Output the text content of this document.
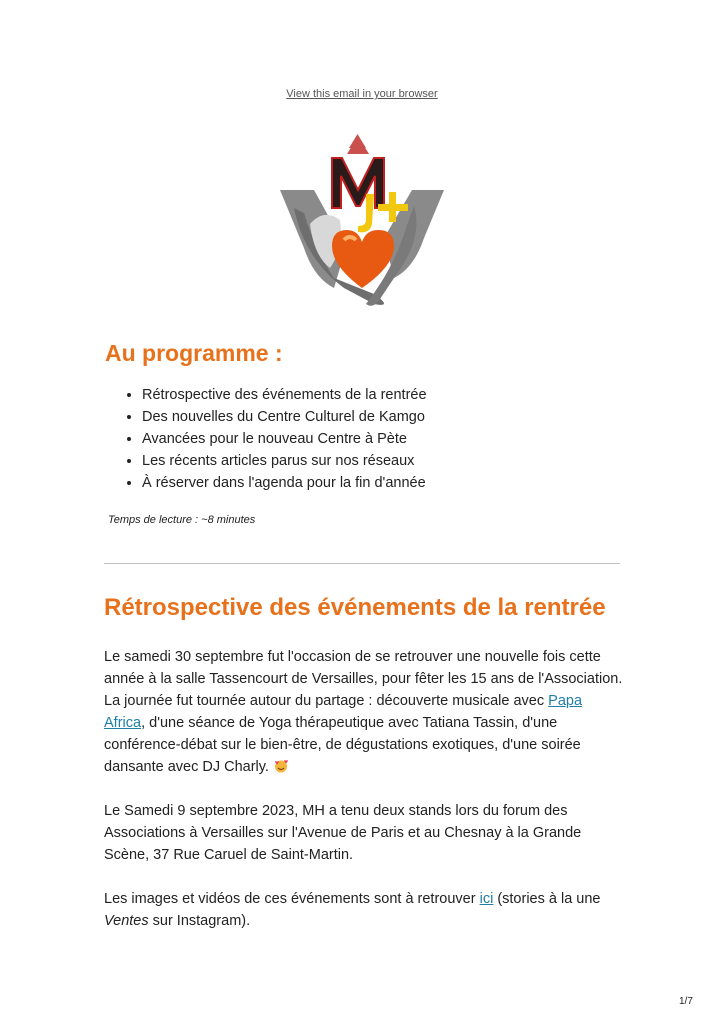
View this email in your browser
Au programme :
• Rétrospective des événements de la rentrée
• Des nouvelles du Centre Culturel de Kamgo
• Avancées pour le nouveau Centre à Pète
• Les récents articles parus sur nos réseaux
• À réserver dans l'agenda pour la fin d'année
Temps de lecture : ~8 minutes
Rétrospective des événements de la rentrée

Le samedi 30 septembre fut l'occasion de se retrouver une nouvelle fois cette année à la salle Tassencourt de Versailles, pour fêter les 15 ans de l'Association.
La journée fut tournée autour du partage : découverte musicale avec Papa Africa, d'une séance de Yoga thérapeutique avec Tatiana Tassin, d'une conférence-débat sur le bien-être, de dégustations exotiques, d'une soirée dansante avec DJ Charly.

Le Samedi 9 septembre 2023, MH a tenu deux stands lors du forum des Associations à Versailles sur l'Avenue de Paris et au Chesnay à la Grande Scène, 37 Rue Caruel de Saint-Martin.

Les images et vidéos de ces événements sont à retrouver ici (stories à la une Ventes sur Instagram).

1/7
